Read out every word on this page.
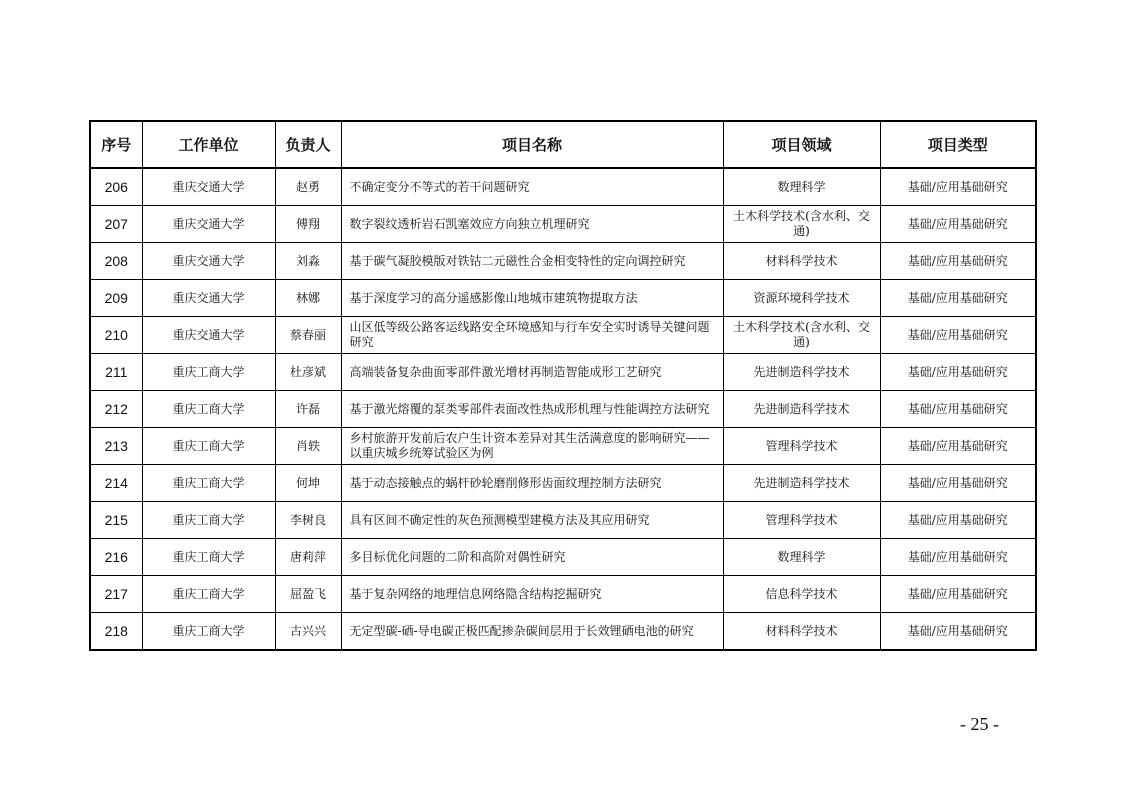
序号	工作单位	负责人	项目名称	项目领域	项目类型
206	重庆交通大学	赵勇	不确定变分不等式的若干问题研究	数理科学	基础/应用基础研究
207	重庆交通大学	傅翔	数字裂纹透析岩石凯塞效应方向独立机理研究	土木科学技术(含水利、交通)	基础/应用基础研究
208	重庆交通大学	刘淼	基于碳气凝胶模版对铁钴二元磁性合金相变特性的定向调控研究	材料科学技术	基础/应用基础研究
209	重庆交通大学	林娜	基于深度学习的高分遥感影像山地城市建筑物提取方法	资源环境科学技术	基础/应用基础研究
210	重庆交通大学	蔡春丽	山区低等级公路客运线路安全环境感知与行车安全实时诱导关键问题研究	土木科学技术(含水利、交通)	基础/应用基础研究
211	重庆工商大学	杜彦斌	高端装备复杂曲面零部件激光增材再制造智能成形工艺研究	先进制造科学技术	基础/应用基础研究
212	重庆工商大学	许磊	基于激光熔覆的泵类零部件表面改性热成形机理与性能调控方法研究	先进制造科学技术	基础/应用基础研究
213	重庆工商大学	肖轶	乡村旅游开发前后农户生计资本差异对其生活满意度的影响研究——以重庆城乡统筹试验区为例	管理科学技术	基础/应用基础研究
214	重庆工商大学	何坤	基于动态接触点的蜗杆砂轮磨削修形齿面纹理控制方法研究	先进制造科学技术	基础/应用基础研究
215	重庆工商大学	李树良	具有区间不确定性的灰色预测模型建模方法及其应用研究	管理科学技术	基础/应用基础研究
216	重庆工商大学	唐莉萍	多目标优化问题的二阶和高阶对偶性研究	数理科学	基础/应用基础研究
217	重庆工商大学	屈盈飞	基于复杂网络的地理信息网络隐含结构挖掘研究	信息科学技术	基础/应用基础研究
218	重庆工商大学	古兴兴	无定型碳-硒-导电碳正极匹配掺杂碳间层用于长效锂硒电池的研究	材料科学技术	基础/应用基础研究
- 25 -
